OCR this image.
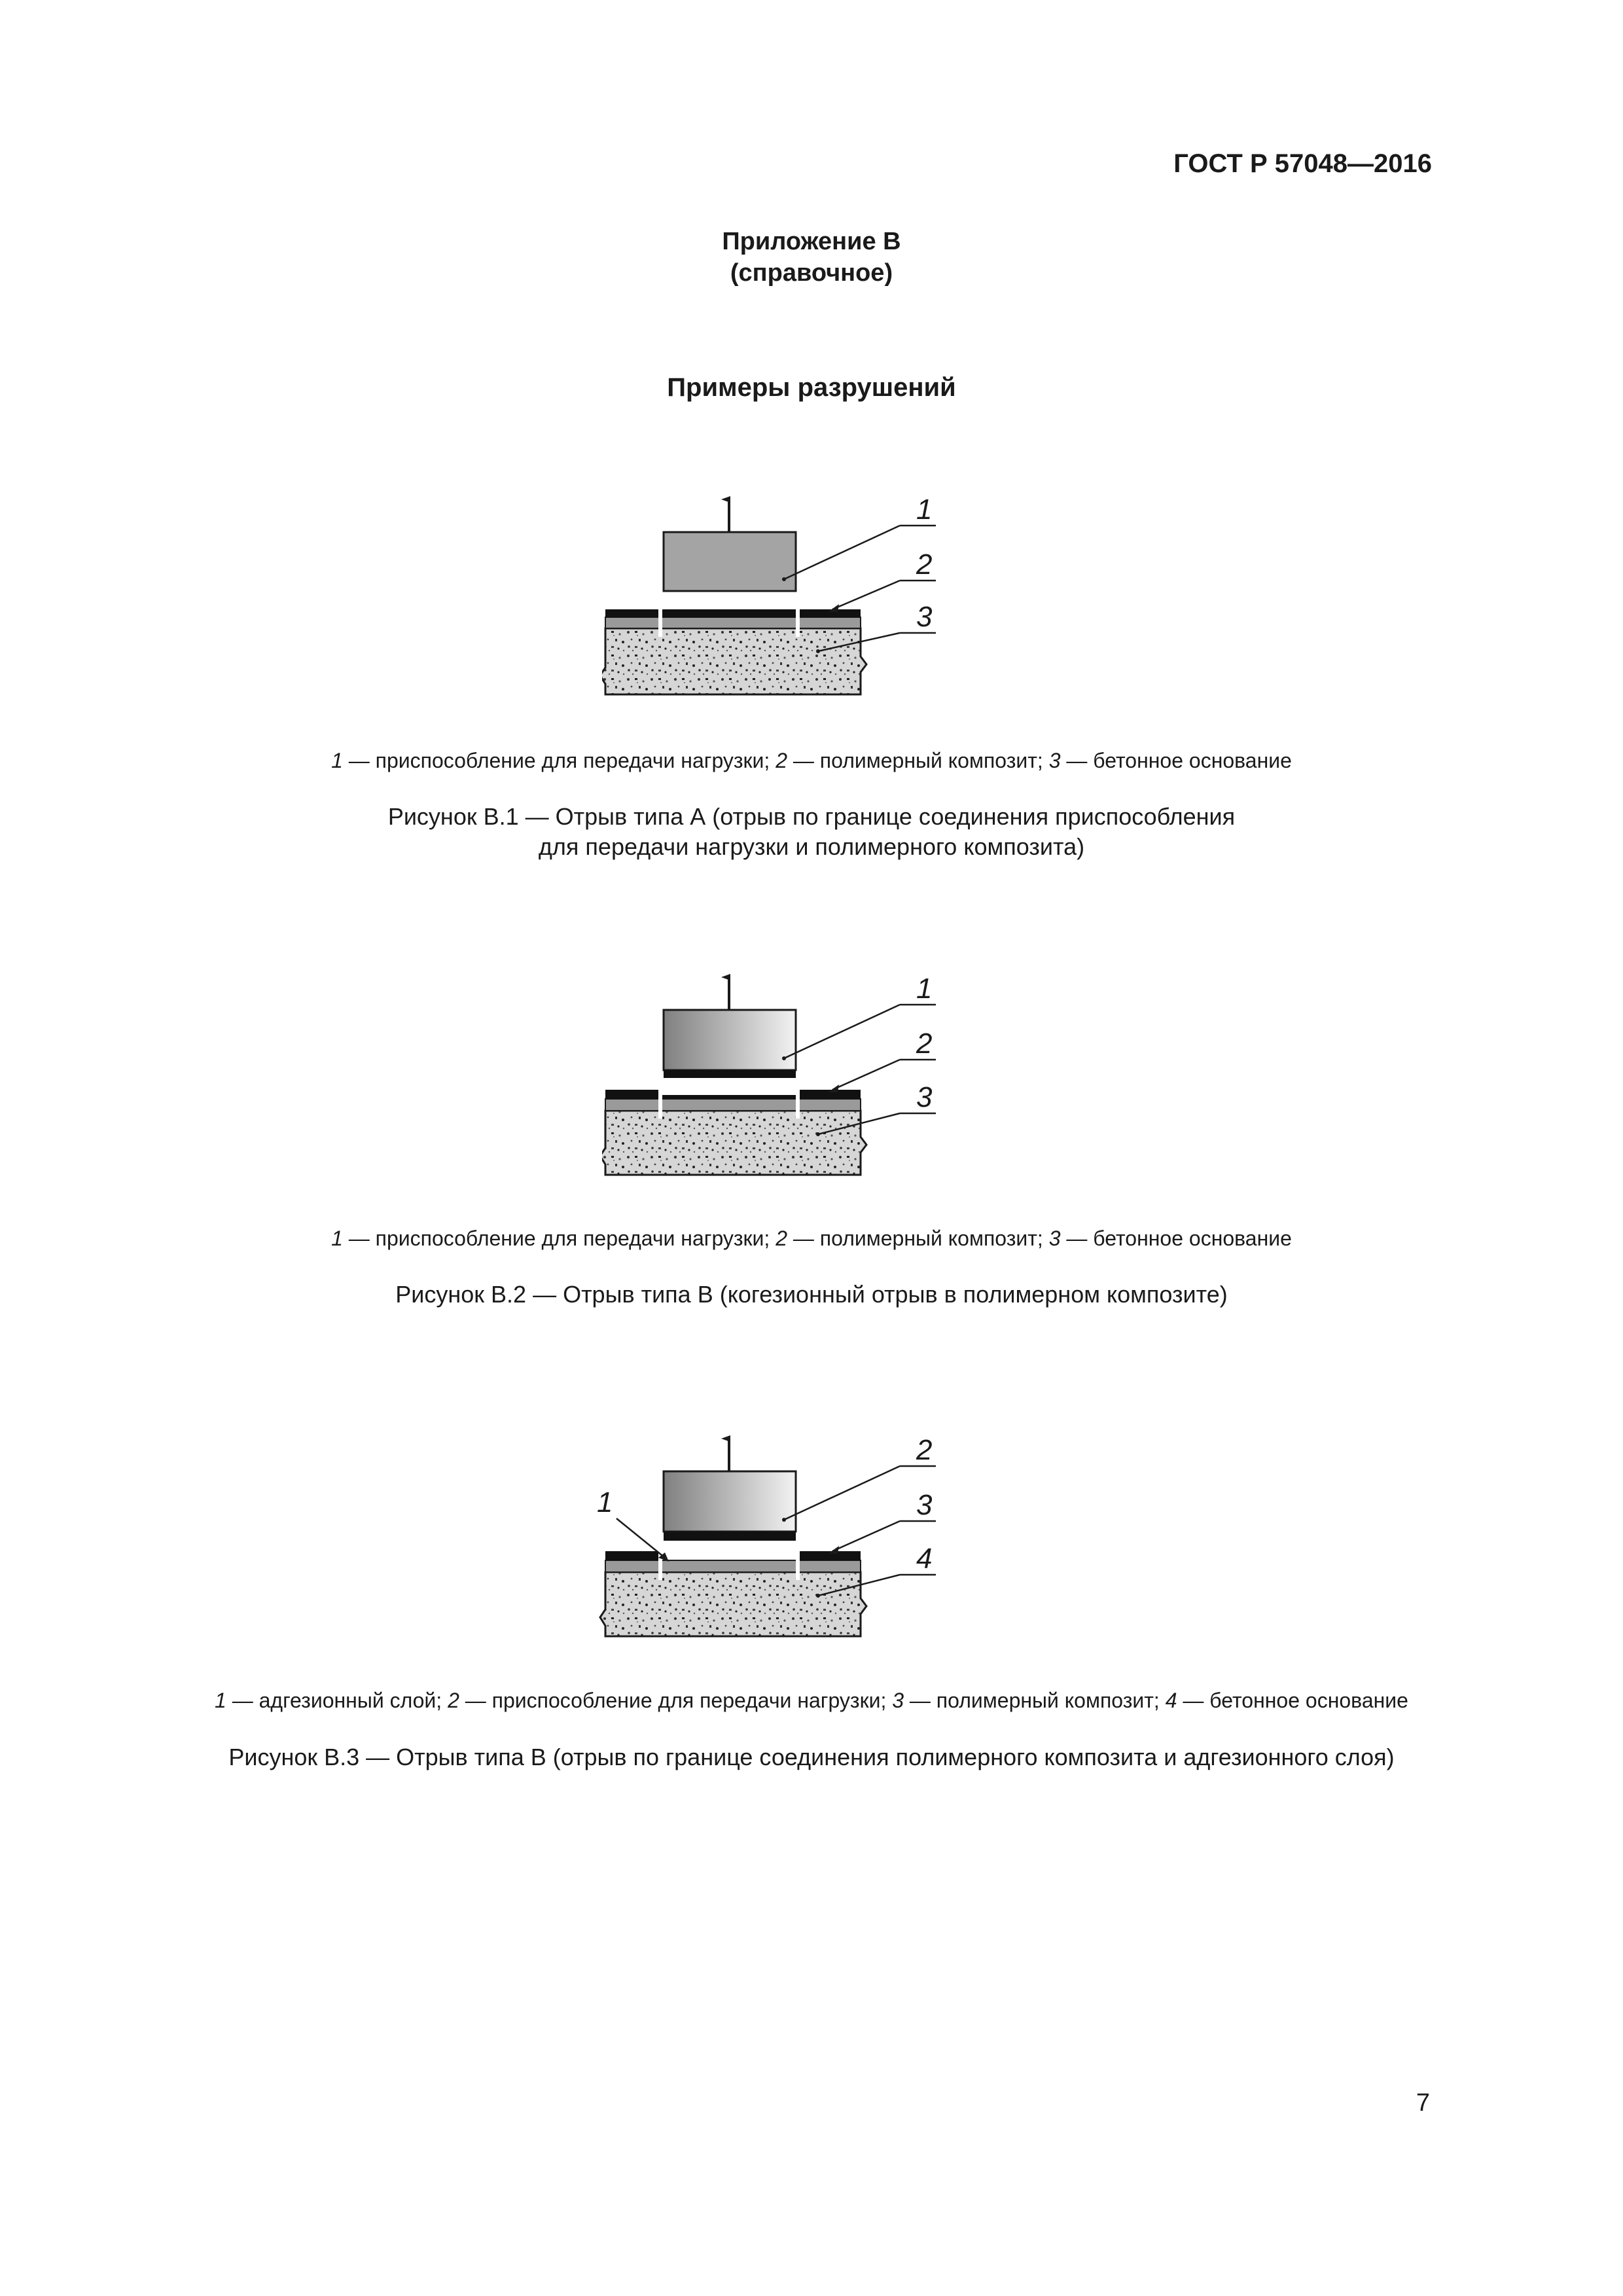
ГОСТ Р 57048—2016
Приложение В
(справочное)
Примеры разрушений
1
2
3
1 — приспособление для передачи нагрузки; 2 — полимерный композит; 3 — бетонное основание
Рисунок В.1 — Отрыв типа А (отрыв по границе соединения приспособления
для передачи нагрузки и полимерного композита)
1
2
3
1 — приспособление для передачи нагрузки; 2 — полимерный композит; 3 — бетонное основание
Рисунок В.2 — Отрыв типа В (когезионный отрыв в полимерном композите)
2
1	3
4
1 — адгезионный слой; 2 — приспособление для передачи нагрузки; 3 — полимерный композит; 4 — бетонное основание
Рисунок В.3 — Отрыв типа В (отрыв по границе соединения полимерного композита и адгезионного слоя)
7
